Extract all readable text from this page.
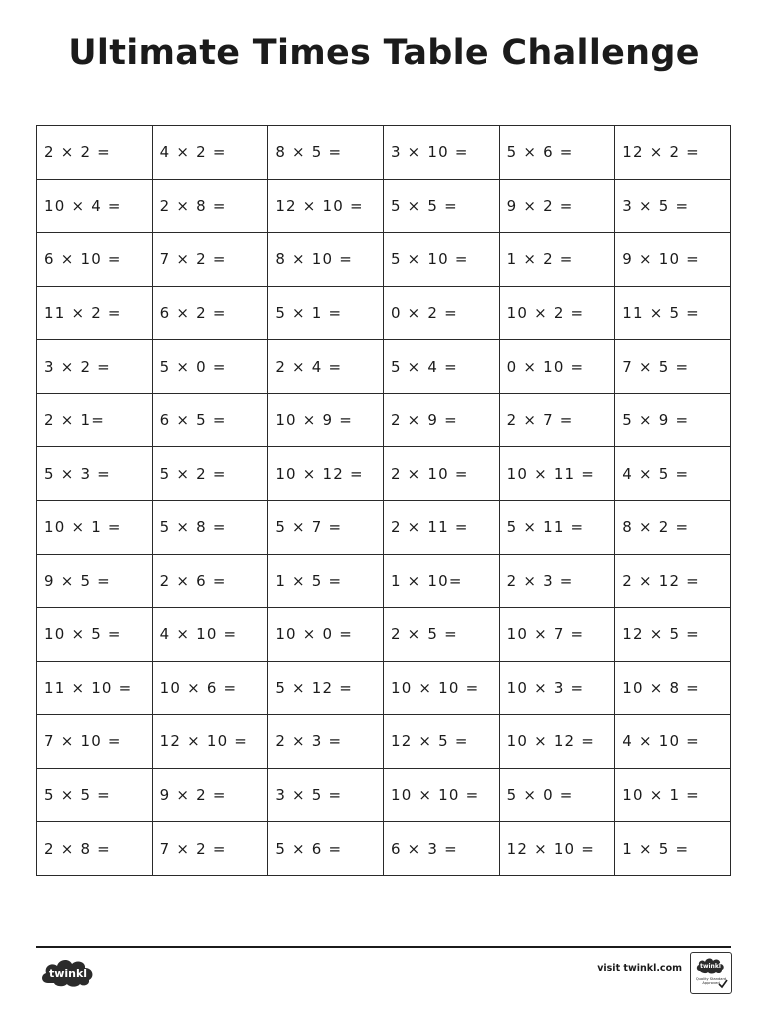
Ultimate Times Table Challenge
2 × 2 =	4 × 2 =	8 × 5 =	3 × 10 =	5 × 6 =	12 × 2 =
10 × 4 =	2 × 8 =	12 × 10 =	5 × 5 =	9 × 2 =	3 × 5 =
6 × 10 =	7 × 2 =	8 × 10 =	5 × 10 =	1 × 2 =	9 × 10 =
11 × 2 =	6 × 2 =	5 × 1 =	0 × 2 =	10 × 2 =	11 × 5 =
3 × 2 =	5 × 0 =	2 × 4 =	5 × 4 =	0 × 10 =	7 × 5 =
2 × 1=	6 × 5 =	10 × 9 =	2 × 9 =	2 × 7 =	5 × 9 =
5 × 3 =	5 × 2 =	10 × 12 =	2 × 10 =	10 × 11 =	4 × 5 =
10 × 1 =	5 × 8 =	5 × 7 =	2 × 11 =	5 × 11 =	8 × 2 =
9 × 5 =	2 × 6 =	1 × 5 =	1 × 10=	2 × 3 =	2 × 12 =
10 × 5 =	4 × 10 =	10 × 0 =	2 × 5 =	10 × 7 =	12 × 5 =
11 × 10 =	10 × 6 =	5 × 12 =	10 × 10 =	10 × 3 =	10 × 8 =
7 × 10 =	12 × 10 =	2 × 3 =	12 × 5 =	10 × 12 =	4 × 10 =
5 × 5 =	9 × 2 =	3 × 5 =	10 × 10 =	5 × 0 =	10 × 1 =
2 × 8 =	7 × 2 =	5 × 6 =	6 × 3 =	12 × 10 =	1 × 5 =
twinkl	visit twinkl.com	twinkl
Quality Standard
Approved
